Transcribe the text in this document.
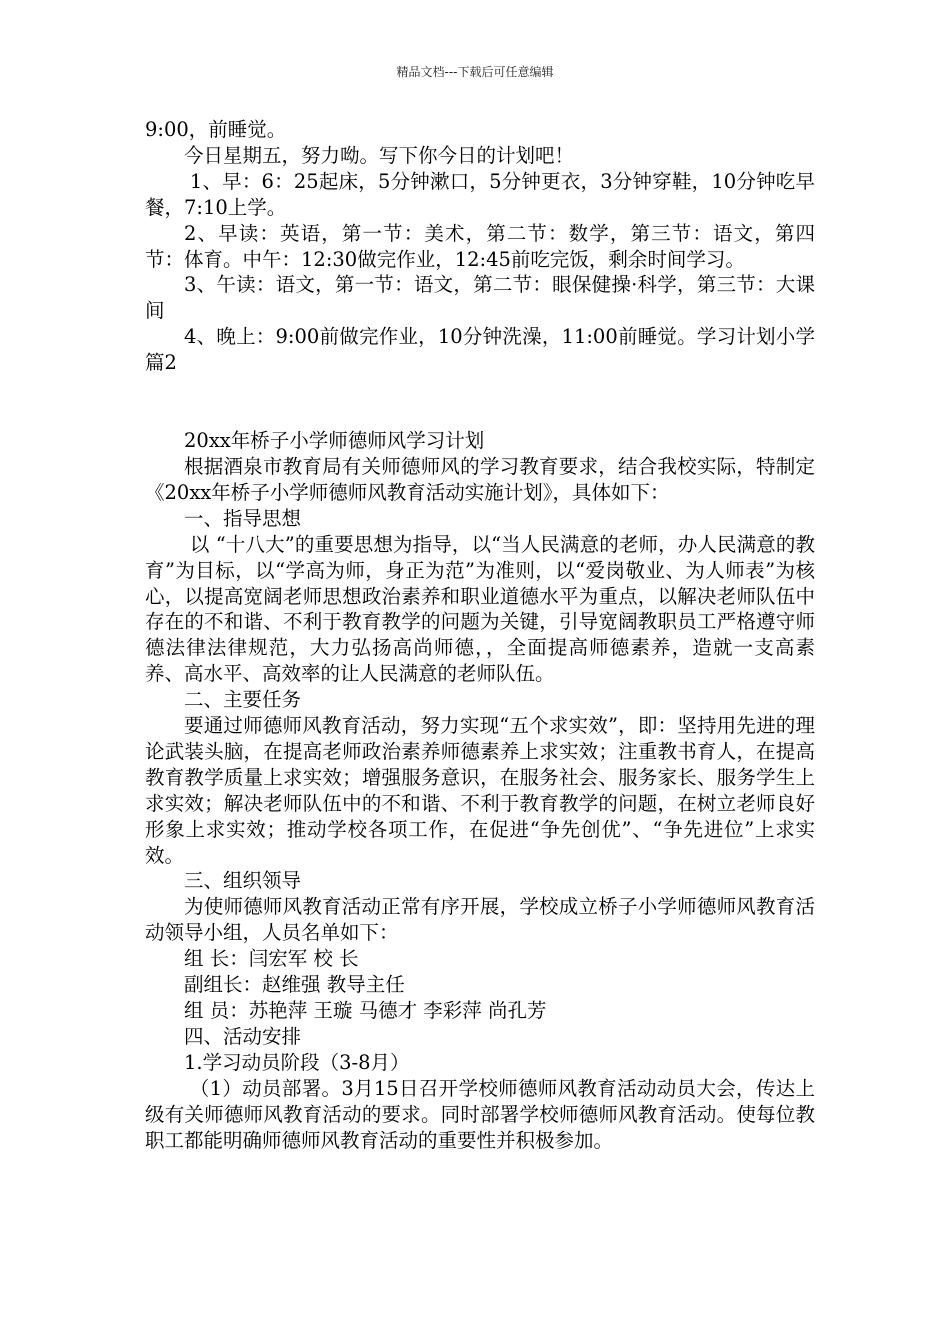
精品文档---下载后可任意编辑

9:00，前睡觉。

今日星期五，努力呦。写下你今日的计划吧！

1、早：6：25起床，5分钟漱口，5分钟更衣，3分钟穿鞋，10分钟吃早餐，7:10上学。

2、早读：英语，第一节：美术，第二节：数学，第三节：语文，第四节：体育。中午：12:30做完作业，12:45前吃完饭，剩余时间学习。

3、午读：语文，第一节：语文，第二节：眼保健操·科学，第三节：大课间

4、晚上：9:00前做完作业，10分钟洗澡，11:00前睡觉。学习计划小学 篇2

20xx年桥子小学师德师风学习计划

根据酒泉市教育局有关师德师风的学习教育要求，结合我校实际，特制定《20xx年桥子小学师德师风教育活动实施计划》，具体如下：

一、指导思想

以 “十八大”的重要思想为指导，以“当人民满意的老师，办人民满意的教育”为目标，以“学高为师，身正为范”为准则，以“爱岗敬业、为人师表”为核心，以提高宽阔老师思想政治素养和职业道德水平为重点，以解决老师队伍中存在的不和谐、不利于教育教学的问题为关键，引导宽阔教职员工严格遵守师德法律法律规范，大力弘扬高尚师德，，全面提高师德素养，造就一支高素养、高水平、高效率的让人民满意的老师队伍。

二、主要任务

要通过师德师风教育活动，努力实现“五个求实效”，即：坚持用先进的理论武装头脑，在提高老师政治素养师德素养上求实效；注重教书育人，在提高教育教学质量上求实效；增强服务意识，在服务社会、服务家长、服务学生上求实效；解决老师队伍中的不和谐、不利于教育教学的问题，在树立老师良好形象上求实效；推动学校各项工作，在促进“争先创优”、“争先进位”上求实效。

三、组织领导

为使师德师风教育活动正常有序开展，学校成立桥子小学师德师风教育活动领导小组，人员名单如下：

组 长：闫宏军 校 长

副组长：赵维强 教导主任

组 员：苏艳萍 王璇 马德才 李彩萍 尚孔芳

四、活动安排

1.学习动员阶段（3-8月）

（1）动员部署。3月15日召开学校师德师风教育活动动员大会，传达上级有关师德师风教育活动的要求。同时部署学校师德师风教育活动。使每位教职工都能明确师德师风教育活动的重要性并积极参加。
